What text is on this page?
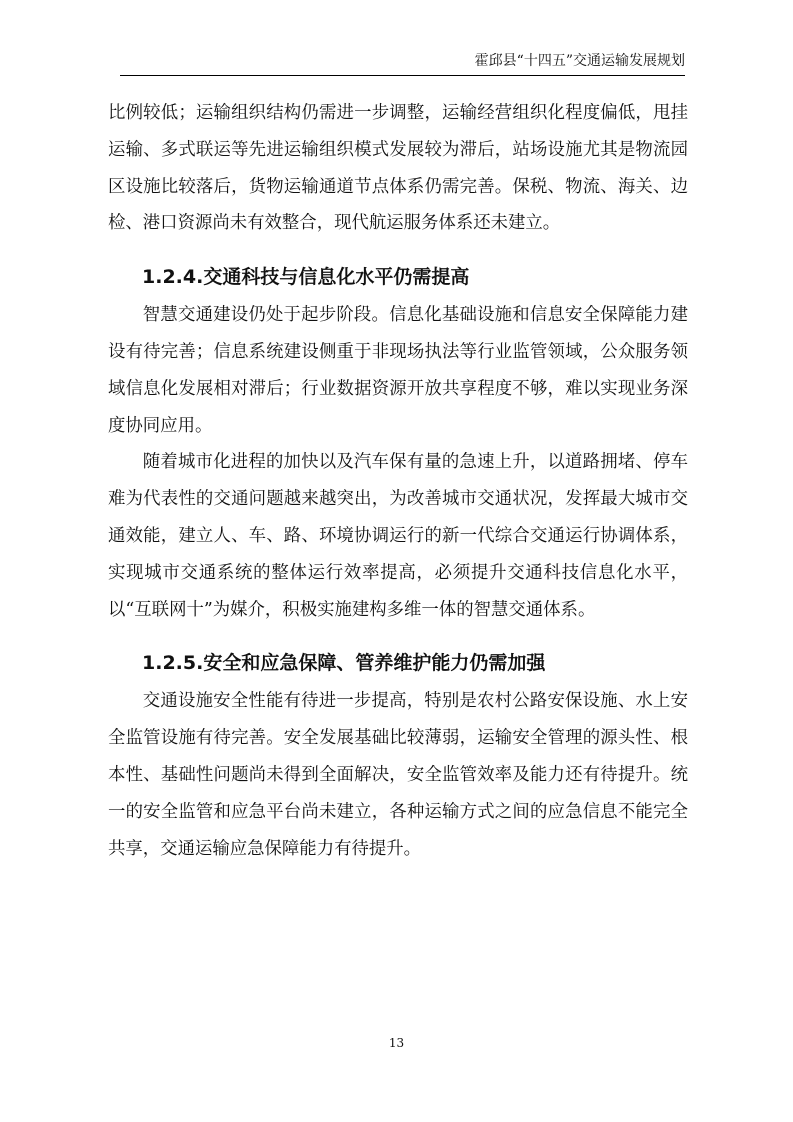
霍邱县“十四五”交通运输发展规划

比例较低；运输组织结构仍需进一步调整，运输经营组织化程度偏低，甩挂运输、多式联运等先进运输组织模式发展较为滞后，站场设施尤其是物流园区设施比较落后，货物运输通道节点体系仍需完善。保税、物流、海关、边检、港口资源尚未有效整合，现代航运服务体系还未建立。

1.2.4.交通科技与信息化水平仍需提高

智慧交通建设仍处于起步阶段。信息化基础设施和信息安全保障能力建设有待完善；信息系统建设侧重于非现场执法等行业监管领域，公众服务领域信息化发展相对滞后；行业数据资源开放共享程度不够，难以实现业务深度协同应用。

随着城市化进程的加快以及汽车保有量的急速上升，以道路拥堵、停车难为代表性的交通问题越来越突出，为改善城市交通状况，发挥最大城市交通效能，建立人、车、路、环境协调运行的新一代综合交通运行协调体系，实现城市交通系统的整体运行效率提高，必须提升交通科技信息化水平，以“互联网十”为媒介，积极实施建构多维一体的智慧交通体系。

1.2.5.安全和应急保障、管养维护能力仍需加强

交通设施安全性能有待进一步提高，特别是农村公路安保设施、水上安全监管设施有待完善。安全发展基础比较薄弱，运输安全管理的源头性、根本性、基础性问题尚未得到全面解决，安全监管效率及能力还有待提升。统一的安全监管和应急平台尚未建立，各种运输方式之间的应急信息不能完全共享，交通运输应急保障能力有待提升。

13
